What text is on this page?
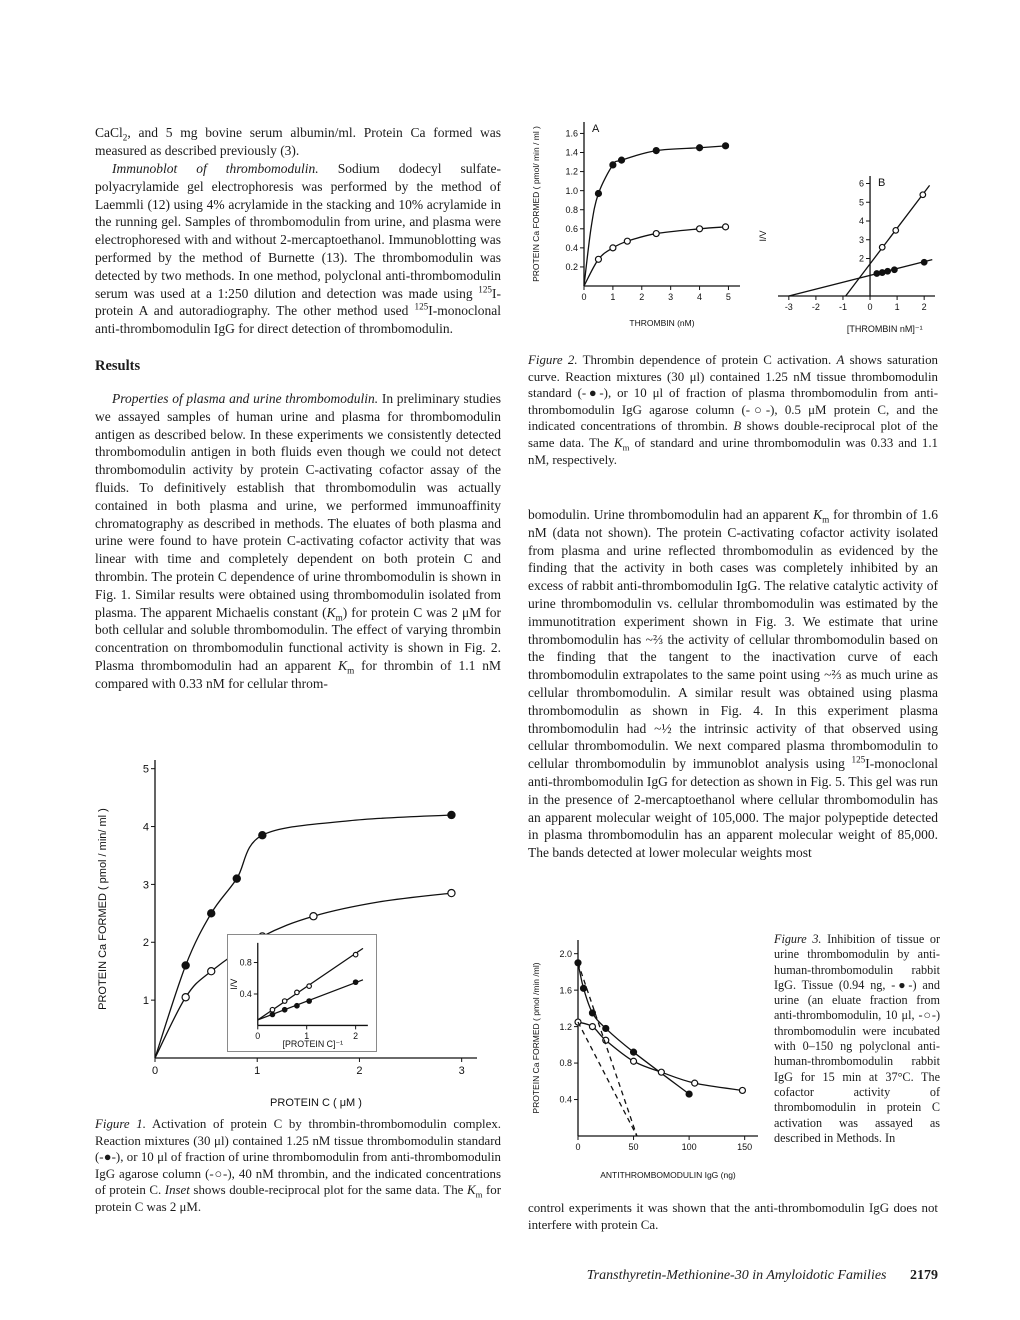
CaCl$_2$, and 5 mg bovine serum albumin/ml. Protein Ca formed was measured as described previously (3).

Immunoblot of thrombomodulin. Sodium dodecyl sulfate-polyacrylamide gel electrophoresis was performed by the method of Laemmli (12) using 4% acrylamide in the stacking and 10% acrylamide in the running gel. Samples of thrombomodulin from urine, and plasma were electrophoresed with and without 2-mercaptoethanol. Immunoblotting was performed by the method of Burnette (13). The thrombomodulin was detected by two methods. In one method, polyclonal anti-thrombomodulin serum was used at a 1:250 dilution and detection was made using $^{125}$I-protein A and autoradiography. The other method used $^{125}$I-monoclonal anti-thrombomodulin IgG for direct detection of thrombomodulin.

Results

Properties of plasma and urine thrombomodulin. In preliminary studies we assayed samples of human urine and plasma for thrombomodulin antigen as described below. In these experiments we consistently detected thrombomodulin antigen in both fluids even though we could not detect thrombomodulin activity by protein C-activating cofactor assay of the fluids. To definitively establish that thrombomodulin was actually contained in both plasma and urine, we performed immunoaffinity chromatography as described in methods. The eluates of both plasma and urine were found to have protein C-activating cofactor activity that was linear with time and completely dependent on both protein C and thrombin. The protein C dependence of urine thrombomodulin is shown in Fig. 1. Similar results were obtained using thrombomodulin isolated from plasma. The apparent Michaelis constant $(K_m)$ for protein C was 2 μM for both cellular and soluble thrombomodulin. The effect of varying thrombin concentration on thrombomodulin functional activity is shown in Fig. 2. Plasma thrombomodulin had an apparent $K_m$ for thrombin of 1.1 nM compared with 0.33 nM for cellular throm-

0	1	2	3
1
2
3
4
5
PROTEIN C ( μM )
PROTEIN Ca FORMED ( pmol / min/ ml )
0	1	2
0.4
0.8
[PROTEIN C]⁻¹
I/V

Figure 1. Activation of protein C by thrombin-thrombomodulin complex. Reaction mixtures (30 μl) contained 1.25 nM tissue thrombomodulin standard (-●-), or 10 μl of fraction of urine thrombomodulin from anti-thrombomodulin IgG agarose column (-○-), 40 nM thrombin, and the indicated concentrations of protein C. Inset shows double-reciprocal plot for the same data. The $K_m$ for protein C was 2 μM.

0	1	2	3	4	5
0.2
0.4
0.6
0.8
1.0
1.2
1.4
1.6
THROMBIN (nM)
PROTEIN Ca FORMED ( pmol/ min / ml )	A
-3 -2 -1 0 1 2
2
3
4
5
6
[THROMBIN nM]⁻¹
I/V
B

Figure 2. Thrombin dependence of protein C activation. A shows saturation curve. Reaction mixtures (30 μl) contained 1.25 nM tissue thrombomodulin standard (-●-), or 10 μl of fraction of plasma thrombomodulin from anti-thrombomodulin IgG agarose column (-○-), 0.5 μM protein C, and the indicated concentrations of thrombin. B shows double-reciprocal plot of the same data. The $K_m$ of standard and urine thrombomodulin was 0.33 and 1.1 nM, respectively.

bomodulin. Urine thrombomodulin had an apparent $K_m$ for thrombin of 1.6 nM (data not shown). The protein C-activating cofactor activity isolated from plasma and urine reflected thrombomodulin as evidenced by the finding that the activity in both cases was completely inhibited by an excess of rabbit anti-thrombomodulin IgG. The relative catalytic activity of urine thrombomodulin vs. cellular thrombomodulin was estimated by the immunotitration experiment shown in Fig. 3. We estimate that urine thrombomodulin has ~⅔ the activity of cellular thrombomodulin based on the finding that the tangent to the inactivation curve of each thrombomodulin extrapolates to the same point using ~⅔ as much urine as cellular thrombomodulin. A similar result was obtained using plasma thrombomodulin as shown in Fig. 4. In this experiment plasma thrombomodulin had ~½ the intrinsic activity of that observed using cellular thrombomodulin. We next compared plasma thrombomodulin to cellular thrombomodulin by immunoblot analysis using $^{125}$I-monoclonal anti-thrombomodulin IgG for detection as shown in Fig. 5. This gel was run in the presence of 2-mercaptoethanol where cellular thrombomodulin has an apparent molecular weight of 105,000. The major polypeptide detected in plasma thrombomodulin has an apparent molecular weight of 85,000. The bands detected at lower molecular weights most

0	50	100	150
0.4
0.8
1.2
1.6
2.0
ANTITHROMBOMODULIN IgG (ng)
PROTEIN Ca FORMED ( pmol /min /ml)

Figure 3. Inhibition of tissue or urine thrombomodulin by anti-human-thrombomodulin rabbit IgG. Tissue (0.94 ng, -●-) and urine (an eluate fraction from anti-thrombomodulin, 10 μl, -○-) thrombomodulin were incubated with 0–150 ng polyclonal anti-human-thrombomodulin rabbit IgG for 15 min at 37°C. The cofactor activity of thrombomodulin in protein C activation was assayed as described in Methods. In

control experiments it was shown that the anti-thrombomodulin IgG does not interfere with protein Ca.

Transthyretin-Methionine-30 in Amyloidotic Families 2179
